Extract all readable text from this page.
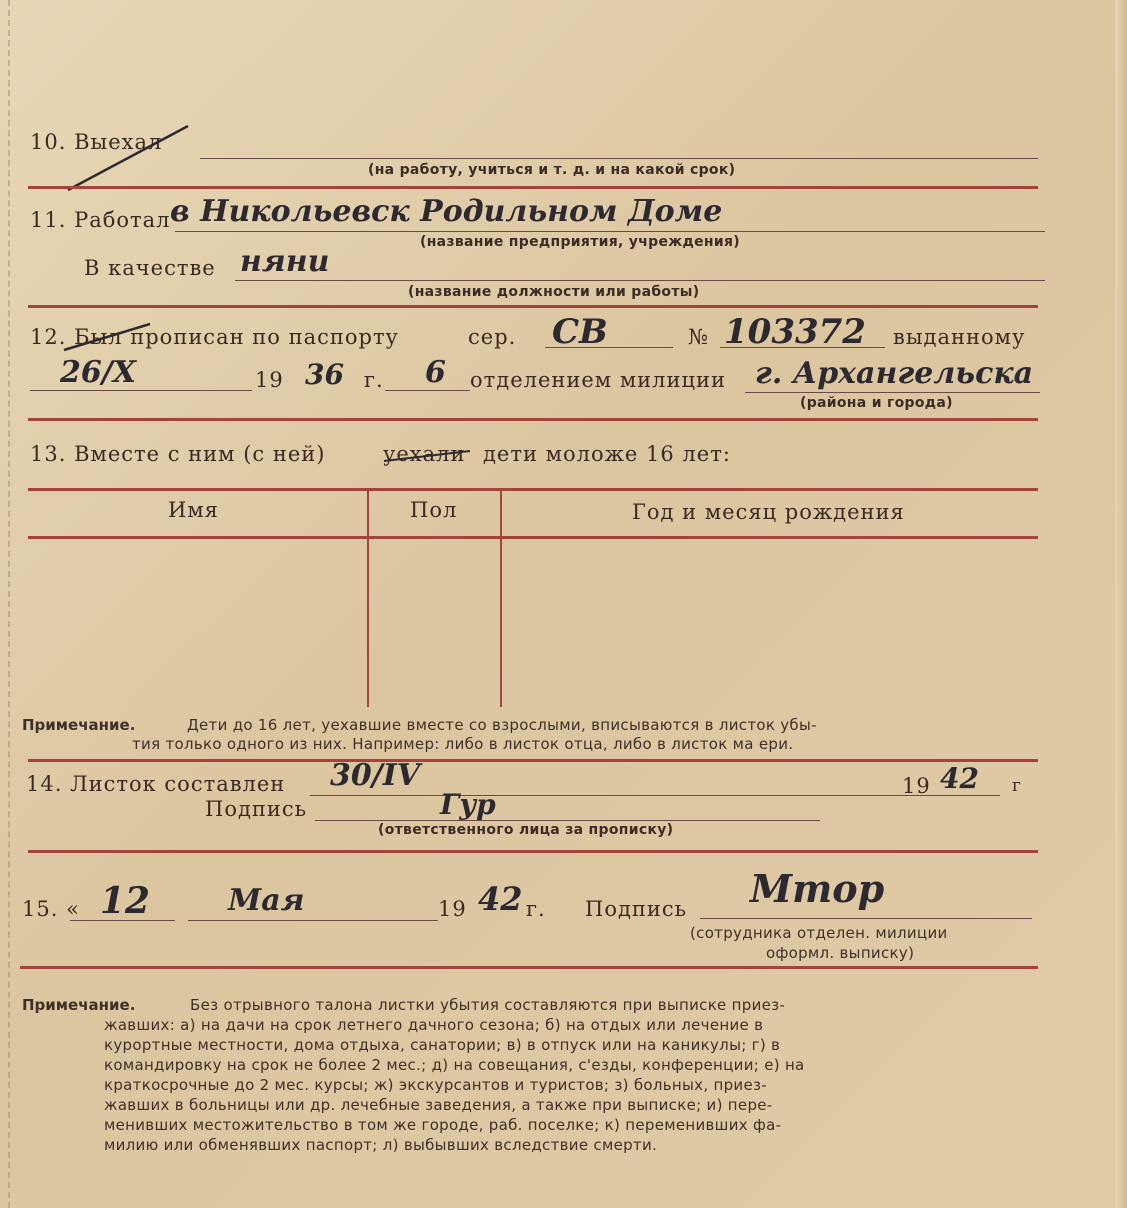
10. Выехал
(на работу, учиться и т. д. и на какой срок)
11. Работал в Никольевск Родильном Доме
(название предприятия, учреждения)
В качестве няни
(название должности или работы)
12. Был прописан по паспорту	сер. СВ	№ 103372 выданному
26/X	19 36 г. 6 отделением милиции г. Архангельска
(района и города)
13. Вместе с ним (с ней)	уехали дети моложе 16 лет:
Имя	Пол	Год и месяц рождения
Примечание.	Дети до 16 лет, уехавшие вместе со взрослыми, вписываются в листок убы-
тия только одного из них. Например: либо в листок отца, либо в листок ма ери.
14. Листок составлен 30/IV	19 42 г
Подпись	Гур
(ответственного лица за прописку)
15. « 12	Мая	19 42 г. Подпись Мтор
(сотрудника отделен. милиции
оформл. выписку)
Примечание.	Без отрывного талона листки убытия составляются при выписке приез-
жавших: а) на дачи на срок летнего дачного сезона; б) на отдых или лечение в
курортные местности, дома отдыха, санатории; в) в отпуск или на каникулы; г) в
командировку на срок не более 2 мес.; д) на совещания, с'езды, конференции; е) на
краткосрочные до 2 мес. курсы; ж) экскурсантов и туристов; з) больных, приез-
жавших в больницы или др. лечебные заведения, а также при выписке; и) пере-
менивших местожительство в том же городе, раб. поселке; к) переменивших фа-
милию или обменявших паспорт; л) выбывших вследствие смерти.
